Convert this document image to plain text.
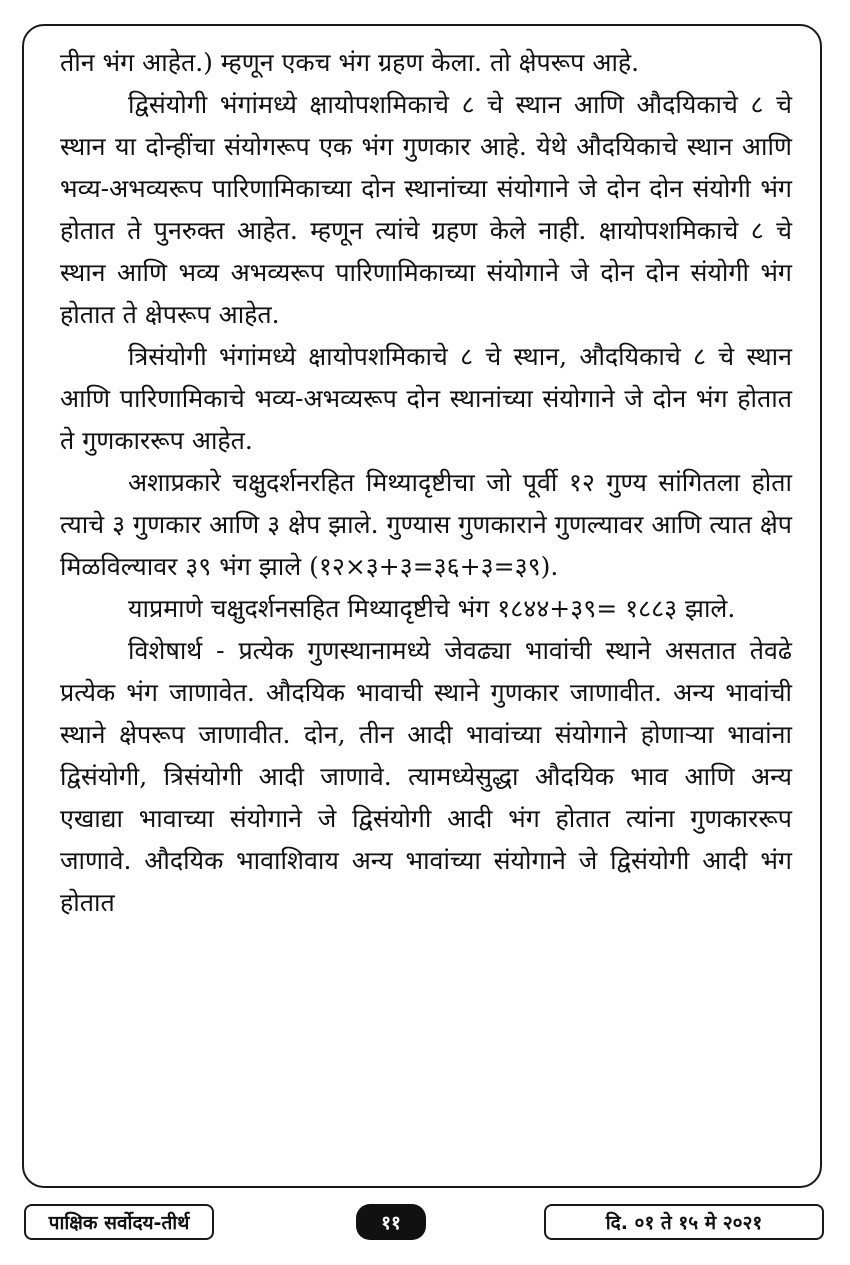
तीन भंग आहेत.) म्हणून एकच भंग ग्रहण केला. तो क्षेपरूप आहे.

द्विसंयोगी भंगांमध्ये क्षायोपशमिकाचे ८ चे स्थान आणि औदयिकाचे ८ चे स्थान या दोन्हींचा संयोगरूप एक भंग गुणकार आहे. येथे औदयिकाचे स्थान आणि भव्य-अभव्यरूप पारिणामिकाच्या दोन स्थानांच्या संयोगाने जे दोन दोन संयोगी भंग होतात ते पुनरुक्त आहेत. म्हणून त्यांचे ग्रहण केले नाही. क्षायोपशमिकाचे ८ चे स्थान आणि भव्य अभव्यरूप पारिणामिकाच्या संयोगाने जे दोन दोन संयोगी भंग होतात ते क्षेपरूप आहेत.

त्रिसंयोगी भंगांमध्ये क्षायोपशमिकाचे ८ चे स्थान, औदयिकाचे ८ चे स्थान आणि पारिणामिकाचे भव्य-अभव्यरूप दोन स्थानांच्या संयोगाने जे दोन भंग होतात ते गुणकाररूप आहेत.

अशाप्रकारे चक्षुदर्शनरहित मिथ्यादृष्टीचा जो पूर्वी १२ गुण्य सांगितला होता त्याचे ३ गुणकार आणि ३ क्षेप झाले. गुण्यास गुणकाराने गुणल्यावर आणि त्यात क्षेप मिळविल्यावर ३९ भंग झाले (१२×३+३=३६+३=३९).

याप्रमाणे चक्षुदर्शनसहित मिथ्यादृष्टीचे भंग १८४४+३९= १८८३ झाले.

विशेषार्थ - प्रत्येक गुणस्थानामध्ये जेवढ्या भावांची स्थाने असतात तेवढे प्रत्येक भंग जाणावेत. औदयिक भावाची स्थाने गुणकार जाणावीत. अन्य भावांची स्थाने क्षेपरूप जाणावीत. दोन, तीन आदी भावांच्या संयोगाने होणाऱ्या भावांना द्विसंयोगी, त्रिसंयोगी आदी जाणावे. त्यामध्येसुद्धा औदयिक भाव आणि अन्य एखाद्या भावाच्या संयोगाने जे द्विसंयोगी आदी भंग होतात त्यांना गुणकाररूप जाणावे. औदयिक भावाशिवाय अन्य भावांच्या संयोगाने जे द्विसंयोगी आदी भंग होतात

पाक्षिक सर्वोदय-तीर्थ	११	दि. ०१ ते १५ मे २०२१
